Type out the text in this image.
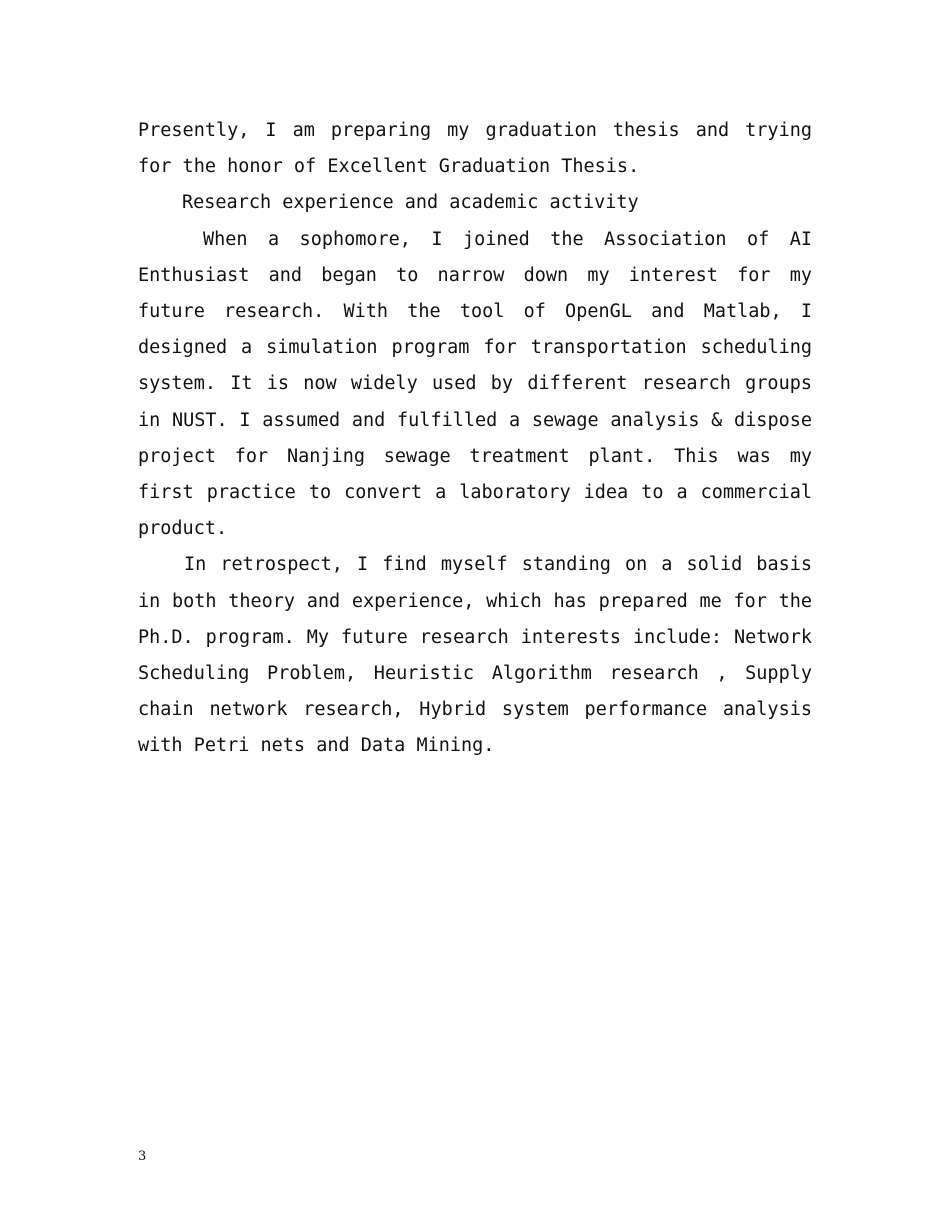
Presently, I am preparing my graduation thesis and trying for the honor of Excellent Graduation Thesis.

Research experience and academic activity

When a sophomore, I joined the Association of AI Enthusiast and began to narrow down my interest for my future research. With the tool of OpenGL and Matlab, I designed a simulation program for transportation scheduling system. It is now widely used by different research groups in NUST. I assumed and fulfilled a sewage analysis & dispose project for Nanjing sewage treatment plant. This was my first practice to convert a laboratory idea to a commercial product.

In retrospect, I find myself standing on a solid basis in both theory and experience, which has prepared me for the Ph.D. program. My future research interests include: Network Scheduling Problem, Heuristic Algorithm research , Supply chain network research, Hybrid system performance analysis with Petri nets and Data Mining.

3
